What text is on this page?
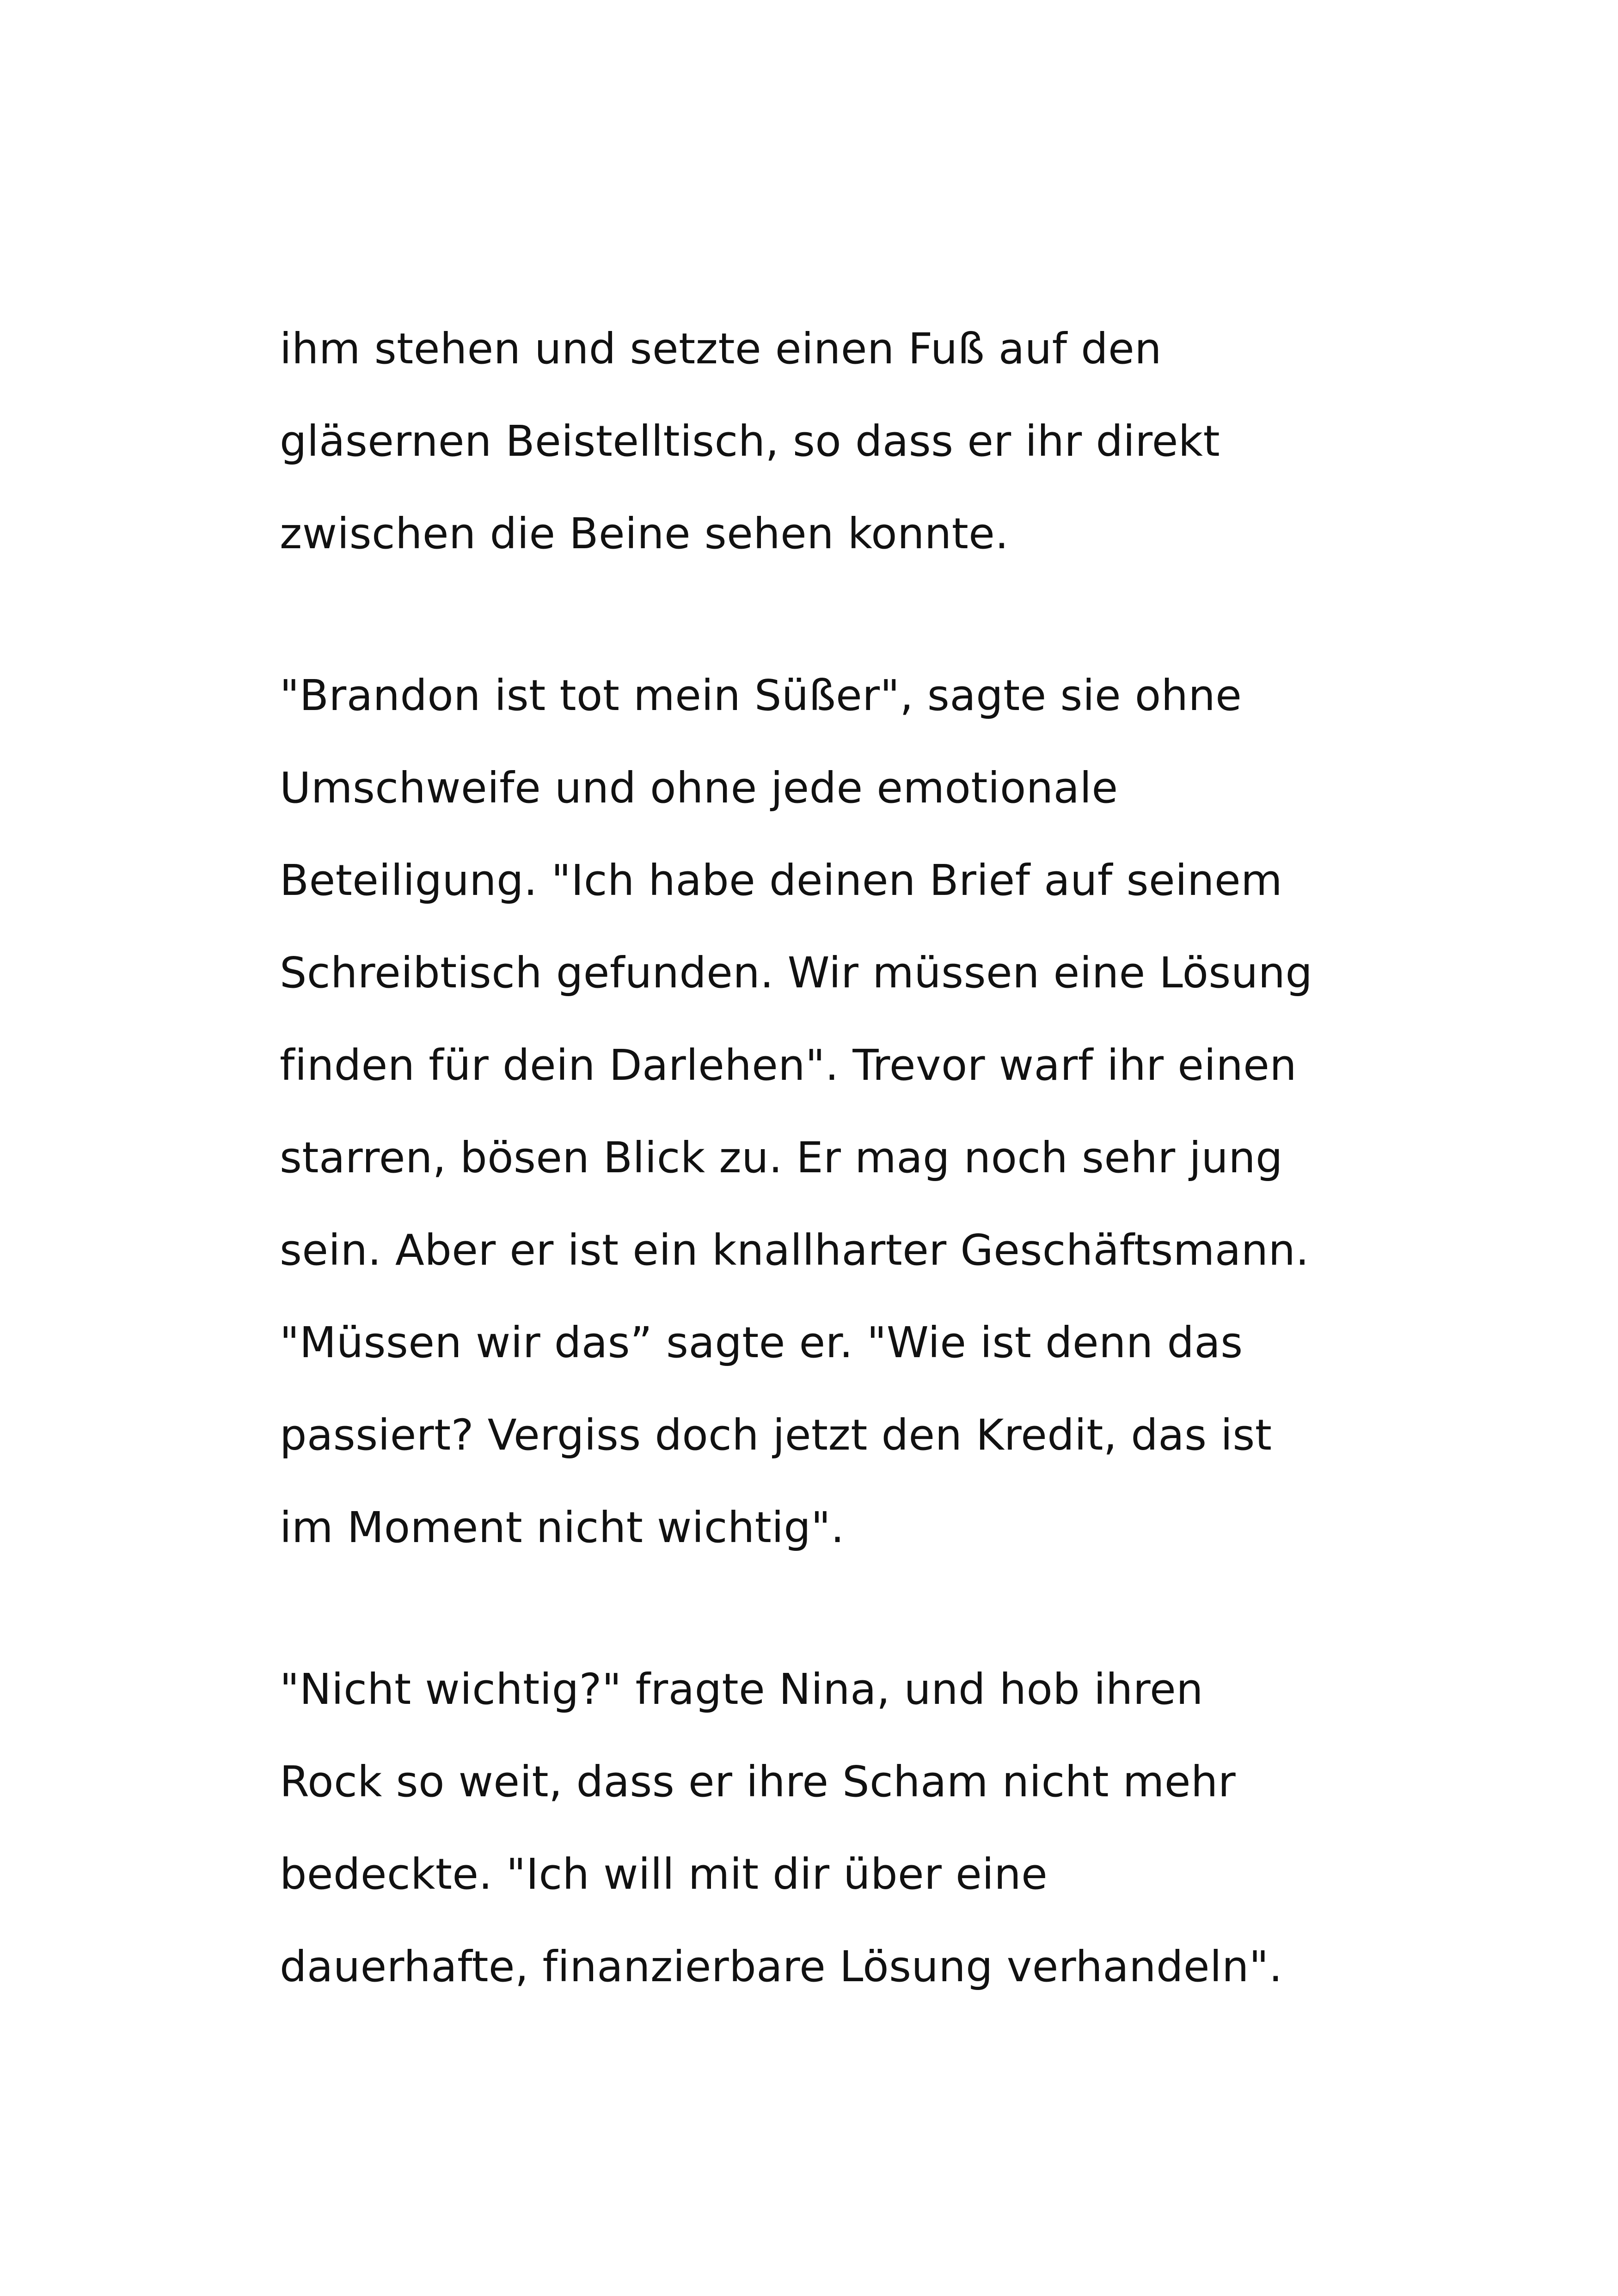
ihm stehen und setzte einen Fuß auf den
gläsernen Beistelltisch, so dass er ihr direkt
zwischen die Beine sehen konnte.
"Brandon ist tot mein Süßer", sagte sie ohne
Umschweife und ohne jede emotionale
Beteiligung. "Ich habe deinen Brief auf seinem
Schreibtisch gefunden. Wir müssen eine Lösung
finden für dein Darlehen". Trevor warf ihr einen
starren, bösen Blick zu. Er mag noch sehr jung
sein. Aber er ist ein knallharter Geschäftsmann.
"Müssen wir das” sagte er. "Wie ist denn das
passiert? Vergiss doch jetzt den Kredit, das ist
im Moment nicht wichtig".
"Nicht wichtig?" fragte Nina, und hob ihren
Rock so weit, dass er ihre Scham nicht mehr
bedeckte. "Ich will mit dir über eine
dauerhafte, finanzierbare Lösung verhandeln".
